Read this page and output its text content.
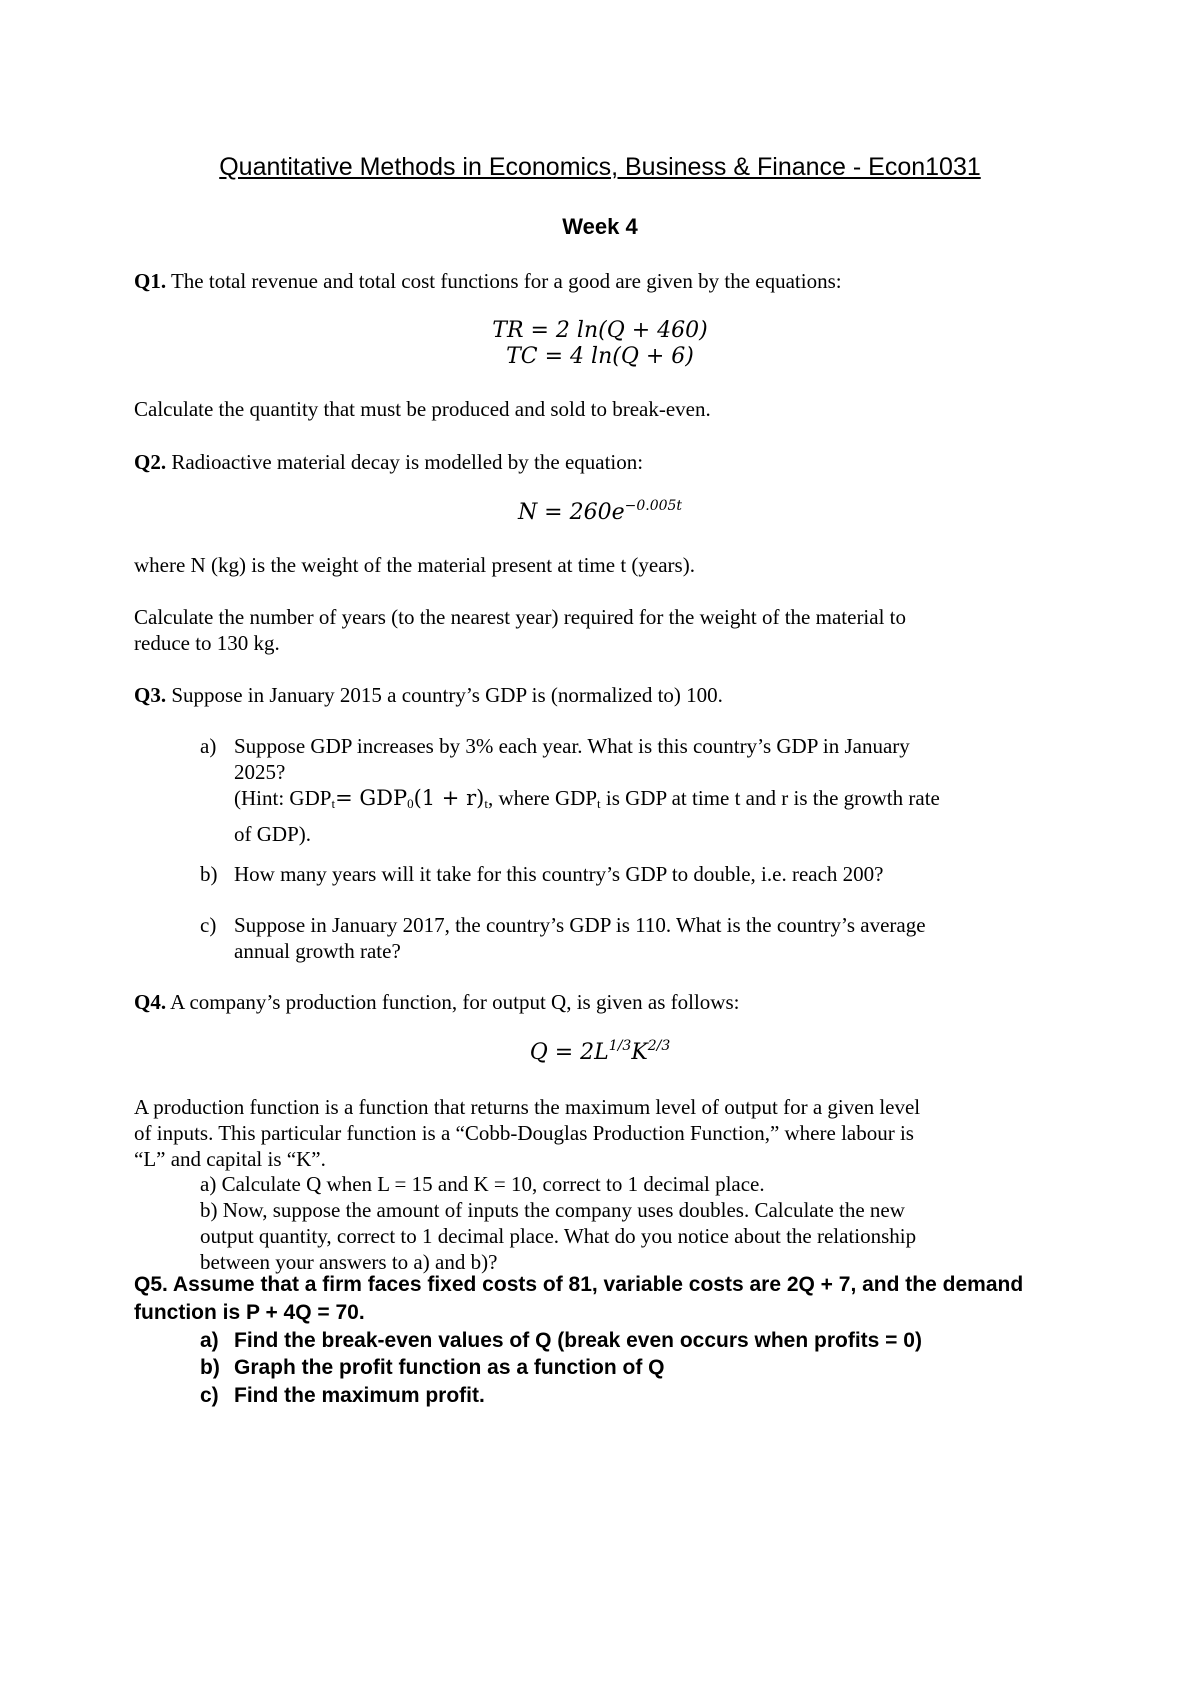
Quantitative Methods in Economics, Business & Finance - Econ1031
Week 4
Q1. The total revenue and total cost functions for a good are given by the equations:
TR = 2 ln(Q + 460)
TC = 4 ln(Q + 6)
Calculate the quantity that must be produced and sold to break-even.
Q2. Radioactive material decay is modelled by the equation:
$N = 260e^{-0.005t}$
where N (kg) is the weight of the material present at time t (years).
Calculate the number of years (to the nearest year) required for the weight of the material to
reduce to 130 kg.
Q3. Suppose in January 2015 a country’s GDP is (normalized to) 100.
a) Suppose GDP increases by 3% each year. What is this country’s GDP in January
2025?
(Hint: $GDP_t= GDP_0(1 + r)_t$, where $GDP_t$ is GDP at time t and r is the growth rate
of GDP).
b) How many years will it take for this country’s GDP to double, i.e. reach 200?
c) Suppose in January 2017, the country’s GDP is 110. What is the country’s average
annual growth rate?
Q4. A company’s production function, for output Q, is given as follows:
$Q = 2L^{1/3}K^{2/3}$
A production function is a function that returns the maximum level of output for a given level
of inputs. This particular function is a “Cobb-Douglas Production Function,” where labour is
“L” and capital is “K”.
a) Calculate Q when L = 15 and K = 10, correct to 1 decimal place.
b) Now, suppose the amount of inputs the company uses doubles. Calculate the new
output quantity, correct to 1 decimal place. What do you notice about the relationship
between your answers to a) and b)?
Q5. Assume that a firm faces fixed costs of 81, variable costs are 2Q + 7, and the demand
function is P + 4Q = 70.
a) Find the break-even values of Q (break even occurs when profits = 0)
b) Graph the profit function as a function of Q
c) Find the maximum profit.
